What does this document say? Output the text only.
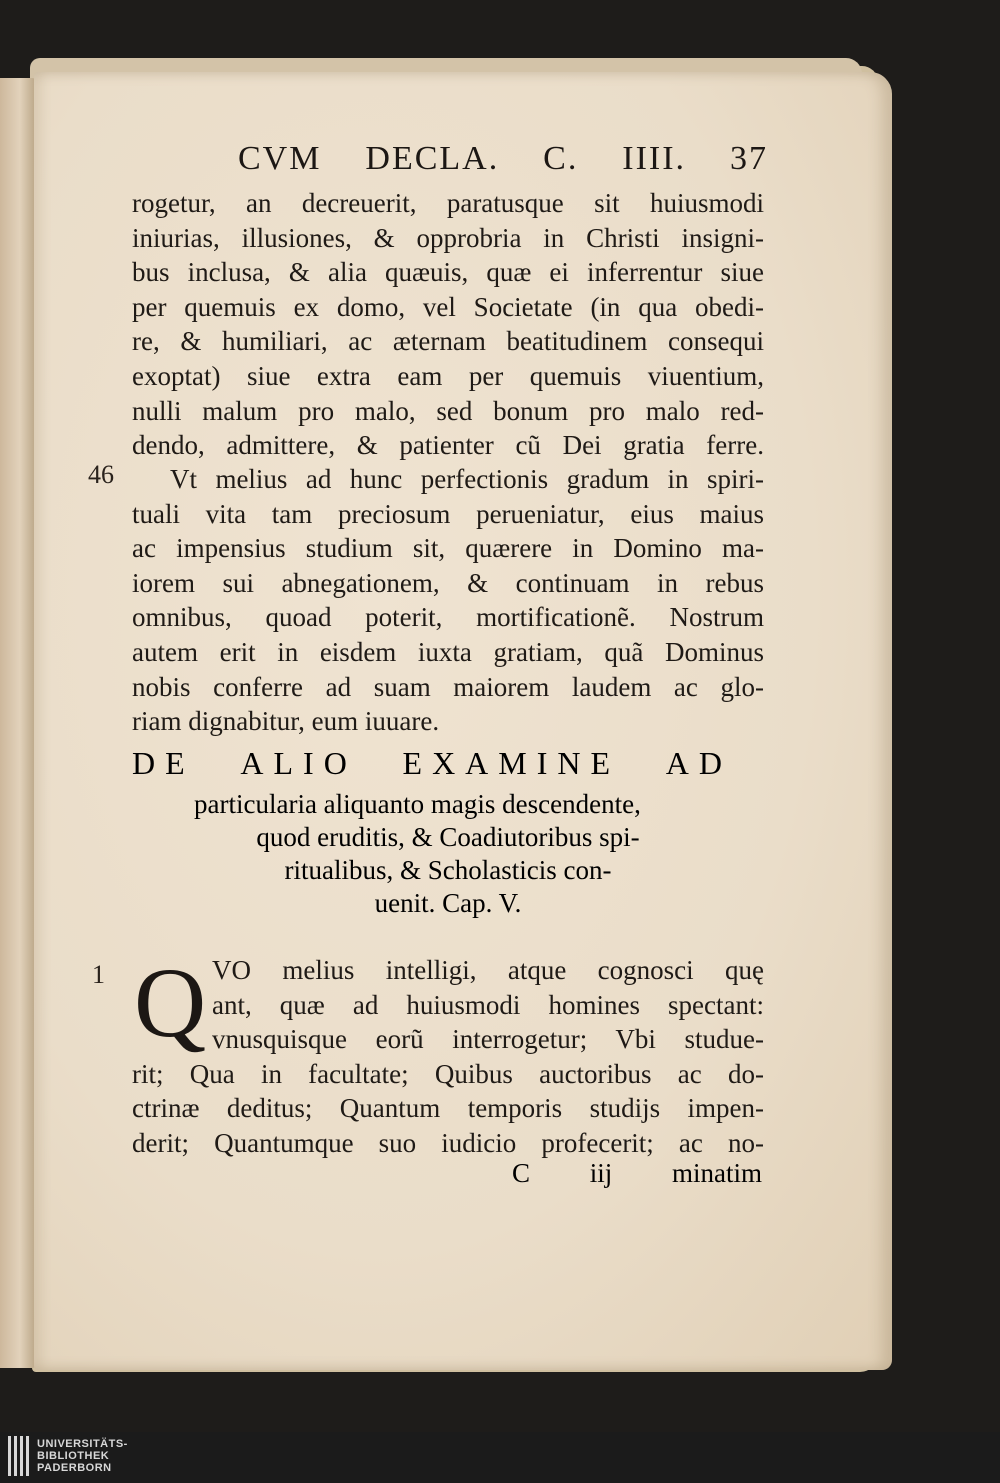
CVM DECLA. C. IIII. 37
rogetur, an decreuerit, paratusque sit huiusmodi
iniurias, illusiones, & opprobria in Christi insigni-
bus inclusa, & alia quæuis, quæ ei inferrentur siue
per quemuis ex domo, vel Societate (in qua obedi-
re, & humiliari, ac æternam beatitudinem consequi
exoptat) siue extra eam per quemuis viuentium,
nulli malum pro malo, sed bonum pro malo red-
dendo, admittere, & patienter cũ Dei gratia ferre.
46	Vt melius ad hunc perfectionis gradum in spiri-
tuali vita tam preciosum perueniatur, eius maius
ac impensius studium sit, quærere in Domino ma-
iorem sui abnegationem, & continuam in rebus
omnibus, quoad poterit, mortificationẽ. Nostrum
autem erit in eisdem iuxta gratiam, quã Dominus
nobis conferre ad suam maiorem laudem ac glo-
riam dignabitur, eum iuuare.
DE ALIO EXAMINE AD
particularia aliquanto magis descendente,
quod eruditis, & Coadiutoribus spi-
ritualibus, & Scholasticis con-
uenit. Cap. V.
1 Q VO melius intelligi, atque cognosci quę
ant, quæ ad huiusmodi homines spectant:
vnusquisque eorũ interrogetur; Vbi studue-
rit; Qua in facultate; Quibus auctoribus ac do-
ctrinæ deditus; Quantum temporis studijs impen-
derit; Quantumque suo iudicio profecerit; ac no-
C iij minatim
UNIVERSITÄTS-
BIBLIOTHEK
PADERBORN
